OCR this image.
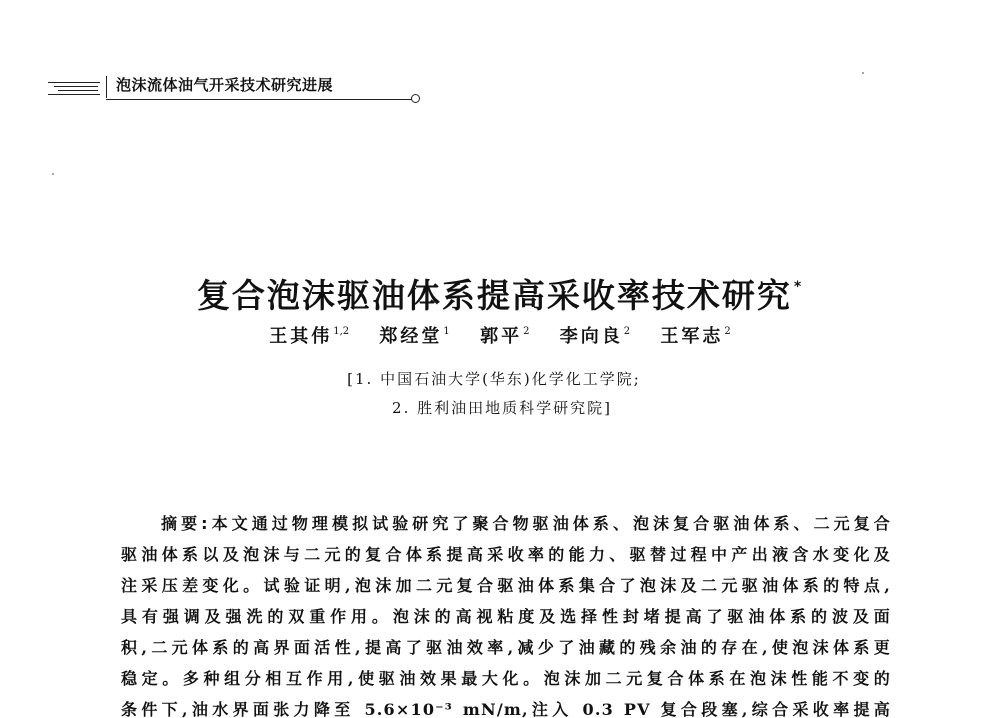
泡沫流体油气开采技术研究进展
复合泡沫驱油体系提高采收率技术研究 *
王其伟$^{1,2}$ 郑经堂$^1$ 郭平$^2$ 李向良$^2$ 王军志$^2$
[1. 中国石油大学(华东)化学化工学院;
2. 胜利油田地质科学研究院]
摘要:本文通过物理模拟试验研究了聚合物驱油体系、泡沫复合驱油体系、二元复合
驱油体系以及泡沫与二元的复合体系提高采收率的能力、驱替过程中产出液含水变化及
注采压差变化。试验证明,泡沫加二元复合驱油体系集合了泡沫及二元驱油体系的特点,
具有强调及强洗的双重作用。泡沫的高视粘度及选择性封堵提高了驱油体系的波及面
积,二元体系的高界面活性,提高了驱油效率,减少了油藏的残余油的存在,使泡沫体系更
稳定。多种组分相互作用,使驱油效果最大化。泡沫加二元复合体系在泡沫性能不变的
条件下,油水界面张力降至 5.6×10⁻³ mN/m,注入 0.3 PV 复合段塞,综合采收率提高
